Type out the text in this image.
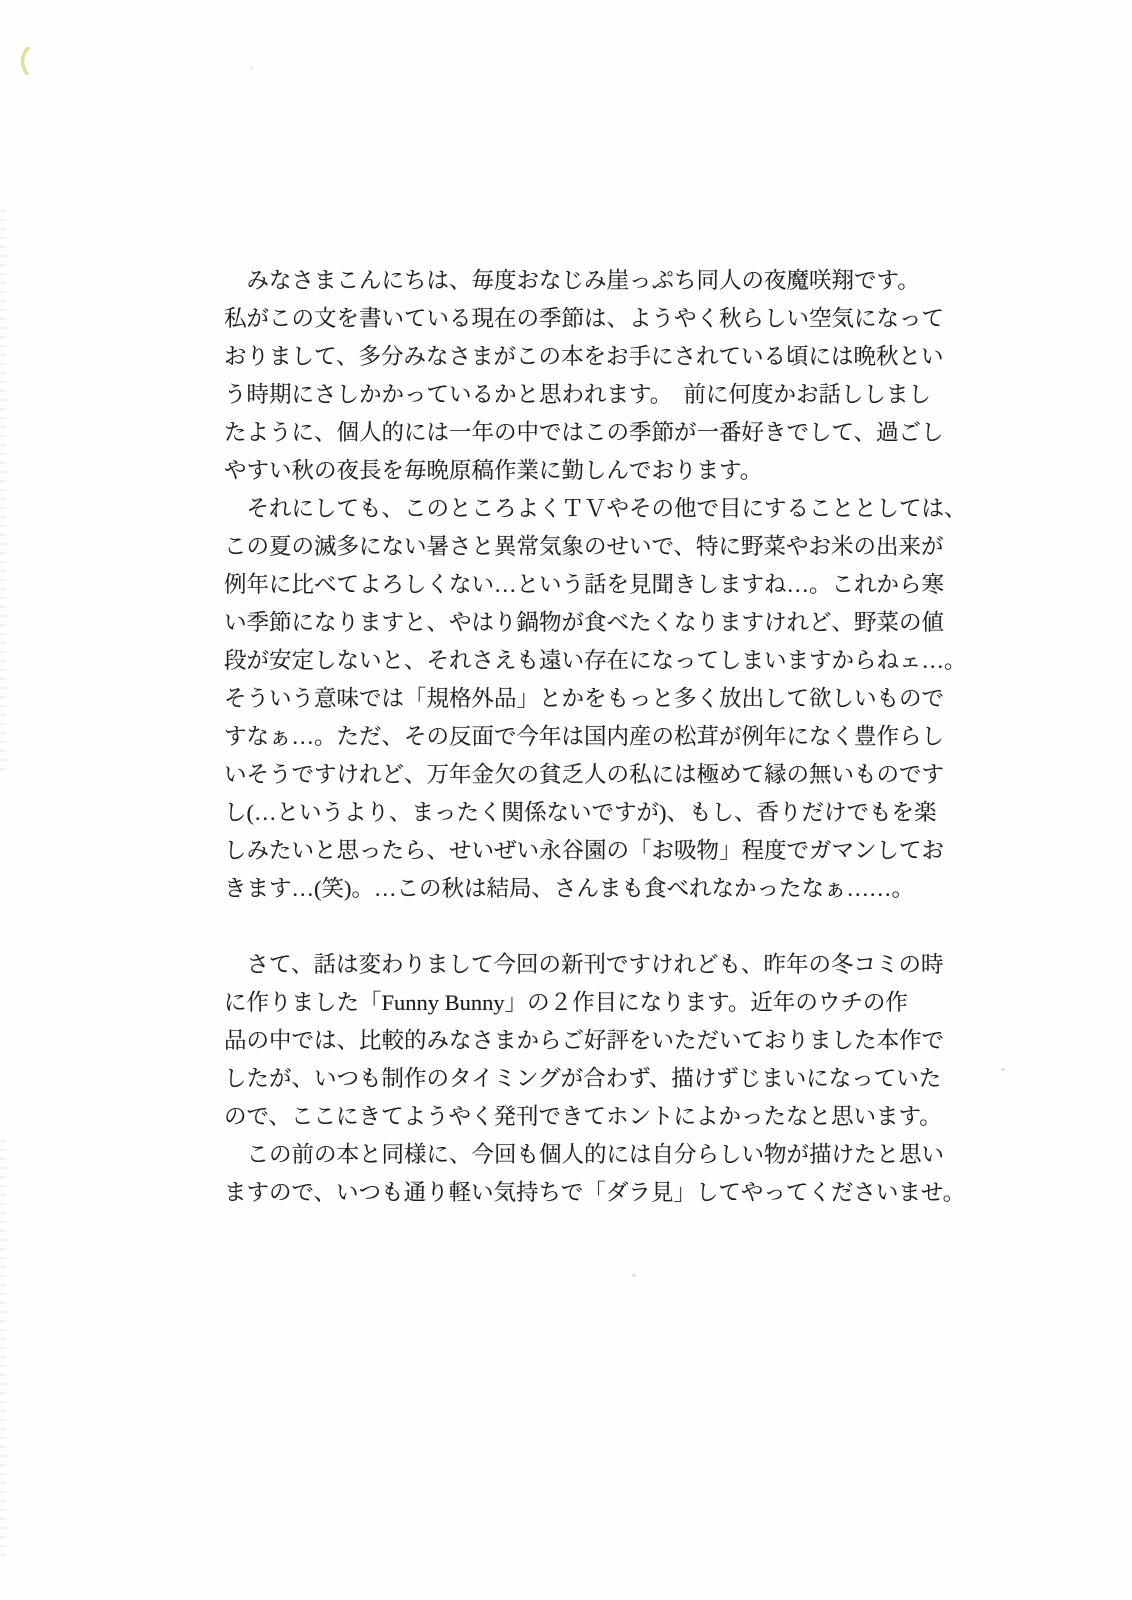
　みなさまこんにちは、毎度おなじみ崖っぷち同人の夜魔咲翔です。
私がこの文を書いている現在の季節は、ようやく秋らしい空気になって
おりまして、多分みなさまがこの本をお手にされている頃には晩秋とい
う時期にさしかかっているかと思われます。　前に何度かお話ししまし
たように、個人的には一年の中ではこの季節が一番好きでして、過ごし
やすい秋の夜長を毎晩原稿作業に勤しんでおります。
　それにしても、このところよくＴＶやその他で目にすることとしては、
この夏の滅多にない暑さと異常気象のせいで、特に野菜やお米の出来が
例年に比べてよろしくない…という話を見聞きしますね…。これから寒
い季節になりますと、やはり鍋物が食べたくなりますけれど、野菜の値
段が安定しないと、それさえも遠い存在になってしまいますからねェ…。
そういう意味では「規格外品」とかをもっと多く放出して欲しいもので
すなぁ…。ただ、その反面で今年は国内産の松茸が例年になく豊作らし
いそうですけれど、万年金欠の貧乏人の私には極めて縁の無いものです
し(…というより、まったく関係ないですが)、もし、香りだけでもを楽
しみたいと思ったら、せいぜい永谷園の「お吸物」程度でガマンしてお
きます…(笑)。…この秋は結局、さんまも食べれなかったなぁ……。
　さて、話は変わりまして今回の新刊ですけれども、昨年の冬コミの時
に作りました「Funny Bunny」の２作目になります。近年のウチの作
品の中では、比較的みなさまからご好評をいただいておりました本作で
したが、いつも制作のタイミングが合わず、描けずじまいになっていた
ので、ここにきてようやく発刊できてホントによかったなと思います。
　この前の本と同様に、今回も個人的には自分らしい物が描けたと思い
ますので、いつも通り軽い気持ちで「ダラ見」してやってくださいませ。
